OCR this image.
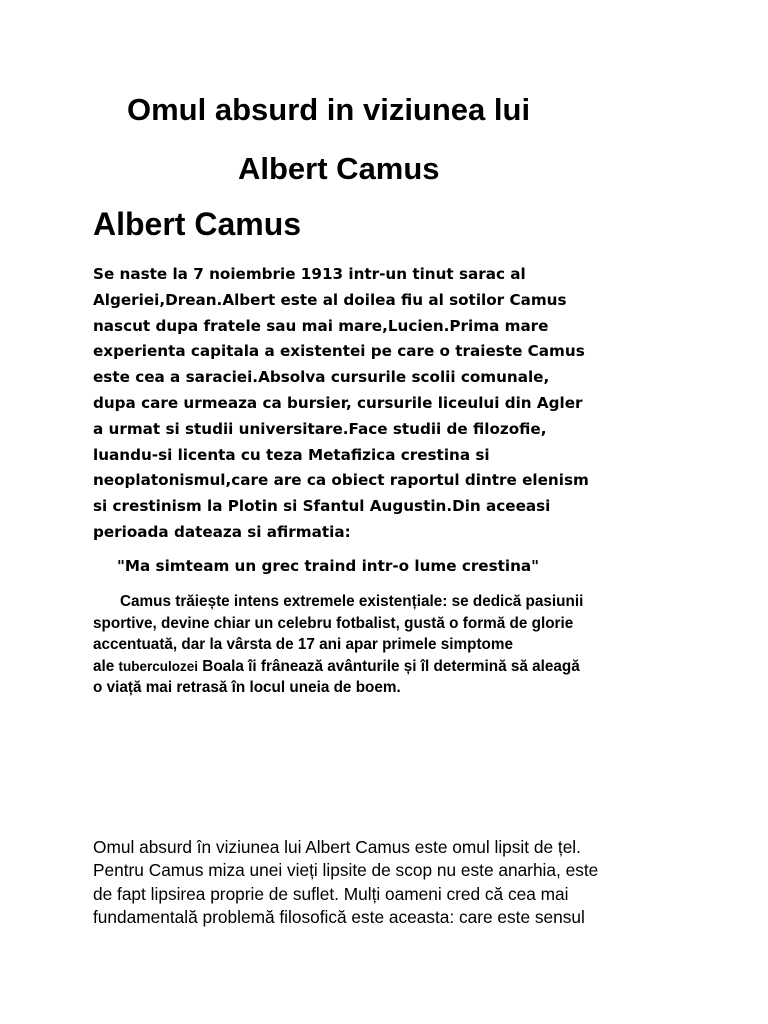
Omul absurd in viziunea lui
Albert Camus
Albert Camus

Se naste la 7 noiembrie 1913 intr-un tinut sarac al
Algeriei,Drean.Albert este al doilea fiu al sotilor Camus
nascut dupa fratele sau mai mare,Lucien.Prima mare
experienta capitala a existentei pe care o traieste Camus
este cea a saraciei.Absolva cursurile scolii comunale,
dupa care urmeaza ca bursier, cursurile liceului din Agler
a urmat si studii universitare.Face studii de filozofie,
luandu-si licenta cu teza Metafizica crestina si
neoplatonismul,care are ca obiect raportul dintre elenism
si crestinism la Plotin si Sfantul Augustin.Din aceeasi
perioada dateaza si afirmatia:

"Ma simteam un grec traind intr-o lume crestina"

Camus trăiește intens extremele existențiale: se dedică pasiunii
sportive, devine chiar un celebru fotbalist, gustă o formă de glorie
accentuată, dar la vârsta de 17 ani apar primele simptome
ale tuberculozei Boala îi frânează avânturile și îl determină să aleagă
o viață mai retrasă în locul uneia de boem.

Omul absurd în viziunea lui Albert Camus este omul lipsit de țel.
Pentru Camus miza unei vieți lipsite de scop nu este anarhia, este
de fapt lipsirea proprie de suflet. Mulți oameni cred că cea mai
fundamentală problemă filosofică este aceasta: care este sensul
